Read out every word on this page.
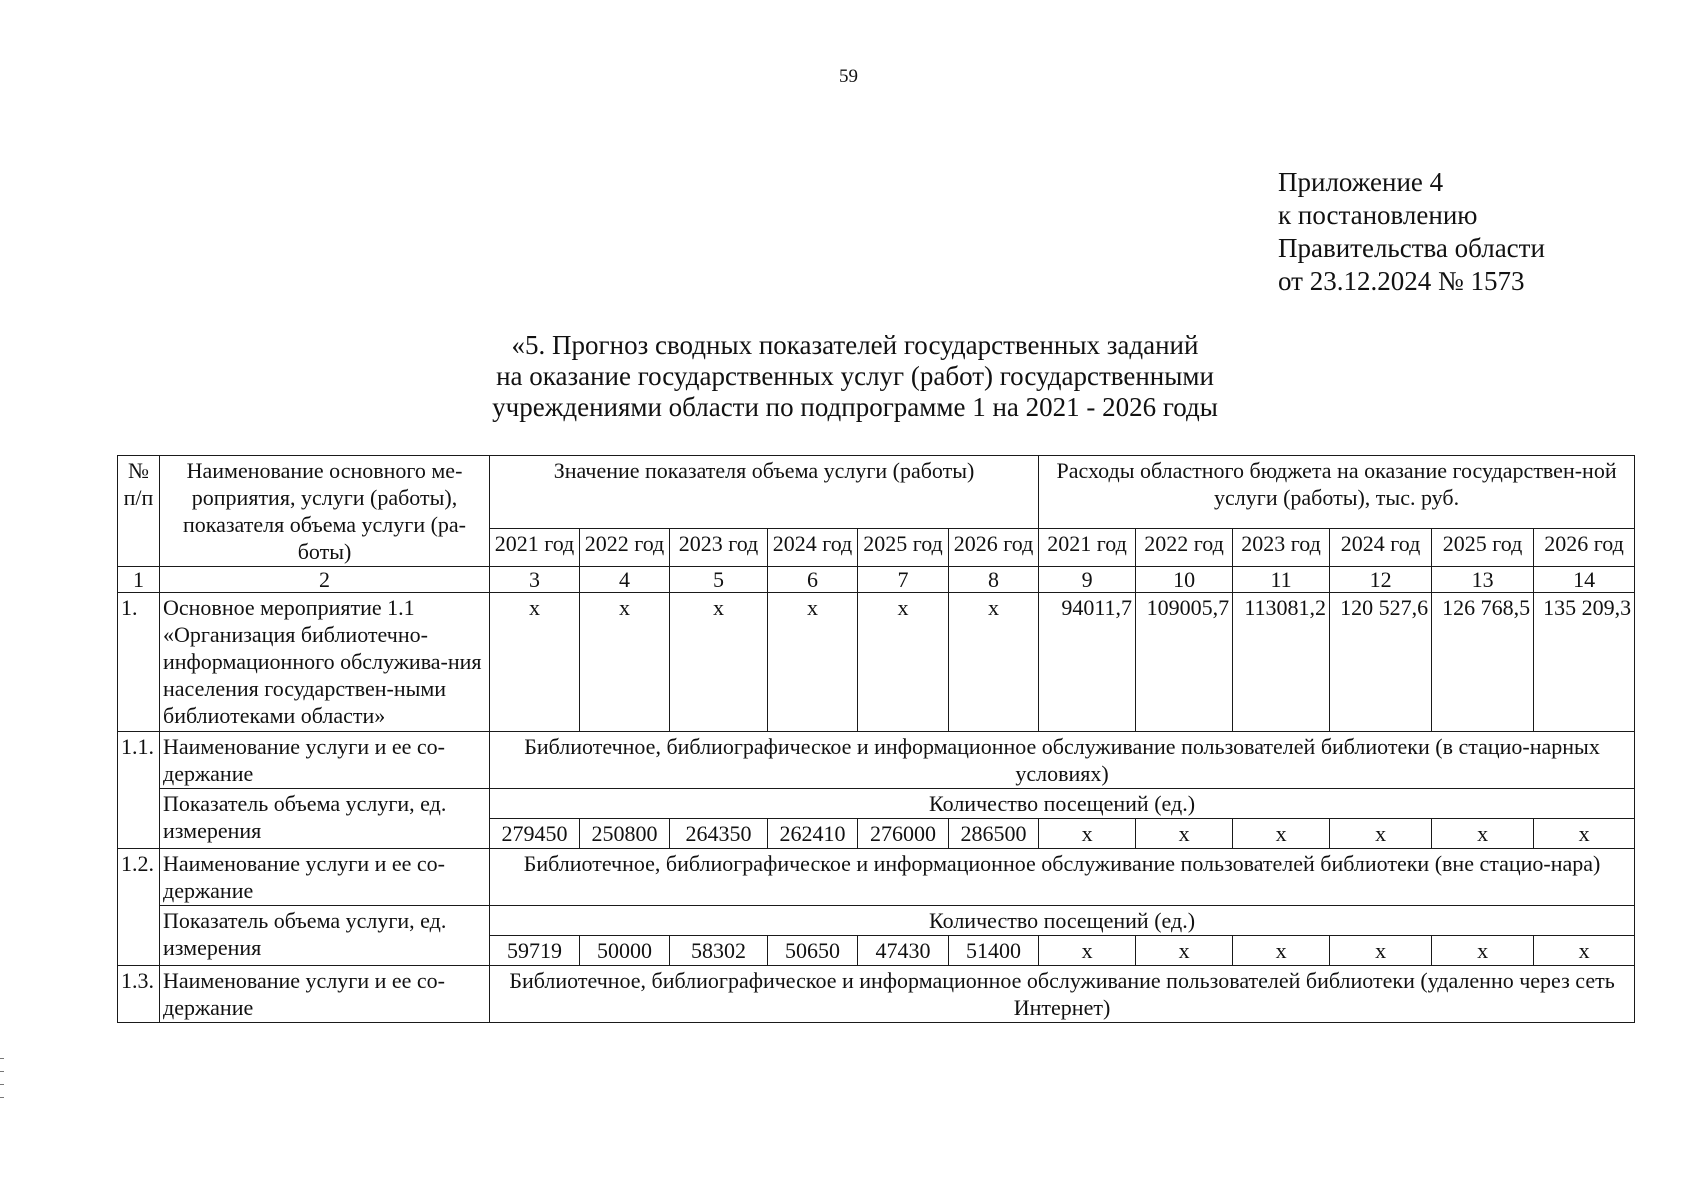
59
Приложение 4
к постановлению
Правительства области
от 23.12.2024 № 1573
«5. Прогноз сводных показателей государственных заданий
на оказание государственных услуг (работ) государственными
учреждениями области по подпрограмме 1 на 2021 - 2026 годы
№ п/п	Наименование основного ме-роприятия, услуги (работы), показателя объема услуги (ра-боты)	Значение показателя объема услуги (работы)						Расходы областного бюджета на оказание государствен-ной услуги (работы), тыс. руб.					
		2021 год	2022 год	2023 год	2024 год	2025 год	2026 год	2021 год	2022 год	2023 год	2024 год	2025 год	2026 год
1	2	3	4	5	6	7	8	9	10	11	12	13	14
1.	Основное мероприятие 1.1 «Организация библиотечно-информационного обслужива-ния населения государствен-ными библиотеками области»	х	х	х	х	х	х	94011,7	109005,7	113081,2	120 527,6	126 768,5	135 209,3
1.1.	Наименование услуги и ее со-держание	Библиотечное, библиографическое и информационное обслуживание пользователей библиотеки (в стацио-нарных условиях)											
	Показатель объема услуги, ед. измерения	Количество посещений (ед.)											
		279450	250800	264350	262410	276000	286500	х	х	х	х	х	х
1.2.	Наименование услуги и ее со-держание	Библиотечное, библиографическое и информационное обслуживание пользователей библиотеки (вне стацио-нара)											
	Показатель объема услуги, ед. измерения	Количество посещений (ед.)											
		59719	50000	58302	50650	47430	51400	х	х	х	х	х	х
1.3.	Наименование услуги и ее со-держание	Библиотечное, библиографическое и информационное обслуживание пользователей библиотеки (удаленно через сеть Интернет)											
